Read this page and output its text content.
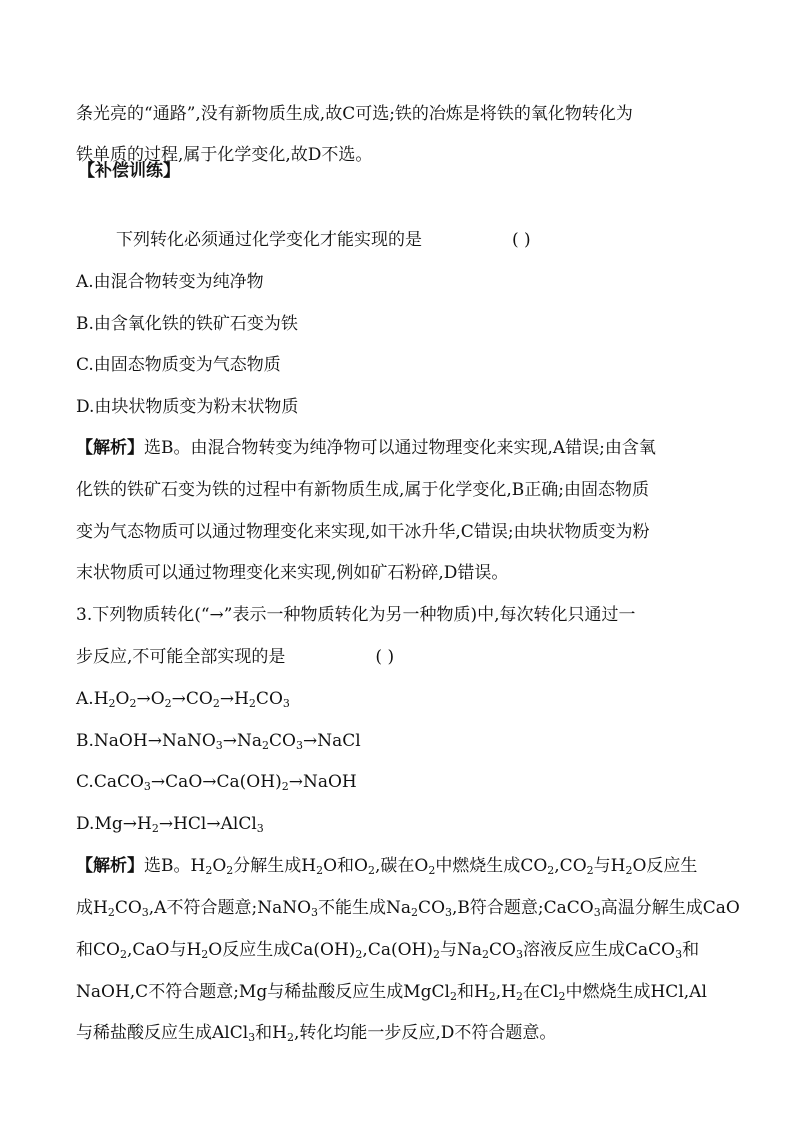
条光亮的“通路”,没有新物质生成,故C可选;铁的冶炼是将铁的氧化物转化为
铁单质的过程,属于化学变化,故D不选。
【补偿训练】
下列转化必须通过化学变化才能实现的是	( )
A.由混合物转变为纯净物
B.由含氧化铁的铁矿石变为铁
C.由固态物质变为气态物质
D.由块状物质变为粉末状物质
【解析】选B。由混合物转变为纯净物可以通过物理变化来实现,A错误;由含氧
化铁的铁矿石变为铁的过程中有新物质生成,属于化学变化,B正确;由固态物质
变为气态物质可以通过物理变化来实现,如干冰升华,C错误;由块状物质变为粉
末状物质可以通过物理变化来实现,例如矿石粉碎,D错误。
3.下列物质转化(“→”表示一种物质转化为另一种物质)中,每次转化只通过一
步反应,不可能全部实现的是	( )
$A.H_2O_2\to O_2\to CO_2\to H_2CO_3$
$B.NaOH\to NaNO_3\to Na_2CO_3\to NaCl$
$C.CaCO_3\to CaO\to Ca(OH)_2\to NaOH$
$D.Mg\to H_2\to HCl\to AlCl_3$
【解析】选B。$H_2O_2$分解生成$H_2O$和$O_2$,碳在$O_2$中燃烧生成$CO_2,CO_2$与$H_2O$反应生
成$H_2CO_3,A$不符合题意;NaNO$_3$不能生成$Na_2CO_3,B$符合题意;CaCO$_3$高温分解生成CaO
和$CO_2,CaO$与$H_2O$反应生成$Ca(OH)_2,Ca(OH)_2$与$Na_2CO_3$溶液反应生成CaCO$_3$和
NaOH,C不符合题意;Mg与稀盐酸反应生成MgCl$_2$和$H_2,H_2$在$Cl_2$中燃烧生成HCl,Al
与稀盐酸反应生成AlCl$_3$和$H_2$,转化均能一步反应,D不符合题意。
